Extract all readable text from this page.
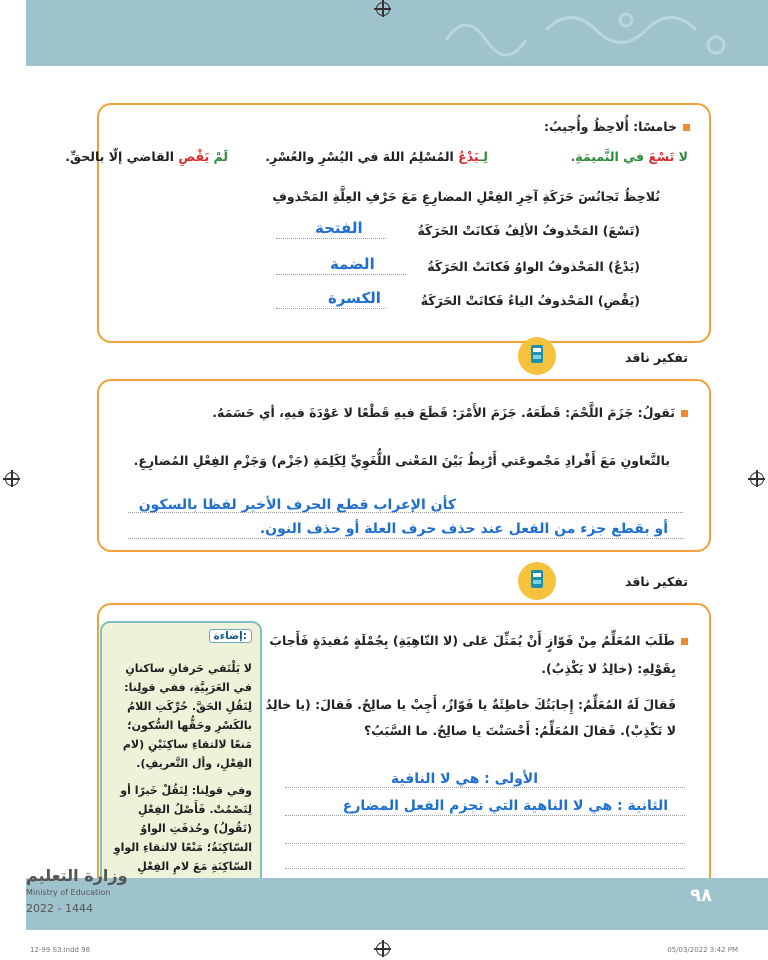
خامسًا: أُلاحِظُ وأُجيبُ:
لا تَسْعَ في النَّميمَةِ.
لِـيَدْعُ المُسْلِمُ اللهَ في اليُسْرِ والعُسْرِ.
لَمْ يَقْضِ القاضي إلّا بالحقِّ.
نُلاحِظُ تَجانُسَ حَرَكَةِ آخِرِ الفِعْلِ المضارِعِ مَعَ حَرْفِ العِلَّةِ المَحْذوفِ
(تَسْعَ) المَحْذوفُ الألِفُ فَكانَتْ الحَرَكَةُ
الفتحة
(يَدْعُ) المَحْذوفُ الواوُ فَكانَتْ الحَرَكَةُ
الضمة
(يَقْضِ) المَحْذوفُ الياءُ فَكانَتْ الحَرَكَةُ
الكسرة
تفكير ناقد
نَقولُ: جَزَمَ اللَّحْمَ: قَطَعَهُ. جَزَمَ الأَمْرَ: قَطَعَ فيهِ قَطْعًا لا عَوْدَةَ فيهِ، أي حَسَمَهُ.
بالتَّعاونِ مَعَ أَفْرادِ مَجْموعَتي أَرْبِطُ بَيْنَ المَعْنى اللُّغَوِيِّ لِكَلِمَةِ (جَزْم) وَجَزْمِ الفِعْلِ المُضارِعِ.
كأن الإعراب قطع الحرف الأخير لفظا بالسكون
أو بقطع جزء من الفعل عند حذف حرف العلة أو حذف النون.
تفكير ناقد
طَلَبَ المُعَلِّمُ مِنْ فَوّازٍ أَنْ يُمَثِّلَ عَلى (لا النّاهِيَةِ) بِجُمْلَةٍ مُفيدَةٍ فَأَجابَ
بِقَوْلِهِ: (خالِدُ لا يَكْذِبُ).
فَقالَ لَهُ المُعَلِّمُ: إِجابَتُكَ خاطِئَةٌ يا فَوّازُ، أَجِبْ يا صالِحُ. فَقالَ: (يا خالِدُ
لا تَكْذِبْ). فَقالَ المُعَلِّمُ: أَحْسَنْتَ يا صالِحُ. ما السَّبَبُ؟
الأولى : هي لا النافية
الثانية : هي لا الناهية التي تجزم الفعل المضارع
إضاءة:
لا يَلْتَقي حَرفانِ ساكنانِ في العَرَبِيَّةِ، ففي قولِنا: لِتَقُلِ الحَقَّ. حُرِّكَتِ اللامُ بالكَسْرِ وحَقُّها السُّكون؛ مَنعًا لالتقاءِ ساكِنَيْنِ (لام الفِعْلِ، وأل التَّعريفِ).
وفي قولِنا: لِتَقُلْ خَيرًا أو لِتَصْمُتْ. فَأَصْلُ الفِعْلِ (تَقُولُ) وحُذفَتِ الواوُ السّاكِنَةُ؛ مَنْعًا لالتقاءِ الواوِ السّاكِنَةِ مَعَ لامِ الفِعْلِ
وزارة التعليم
Ministry of Education
2022 - 1444
٩٨
12-99 S3.indd 98	05/03/2022 3:42 PM
